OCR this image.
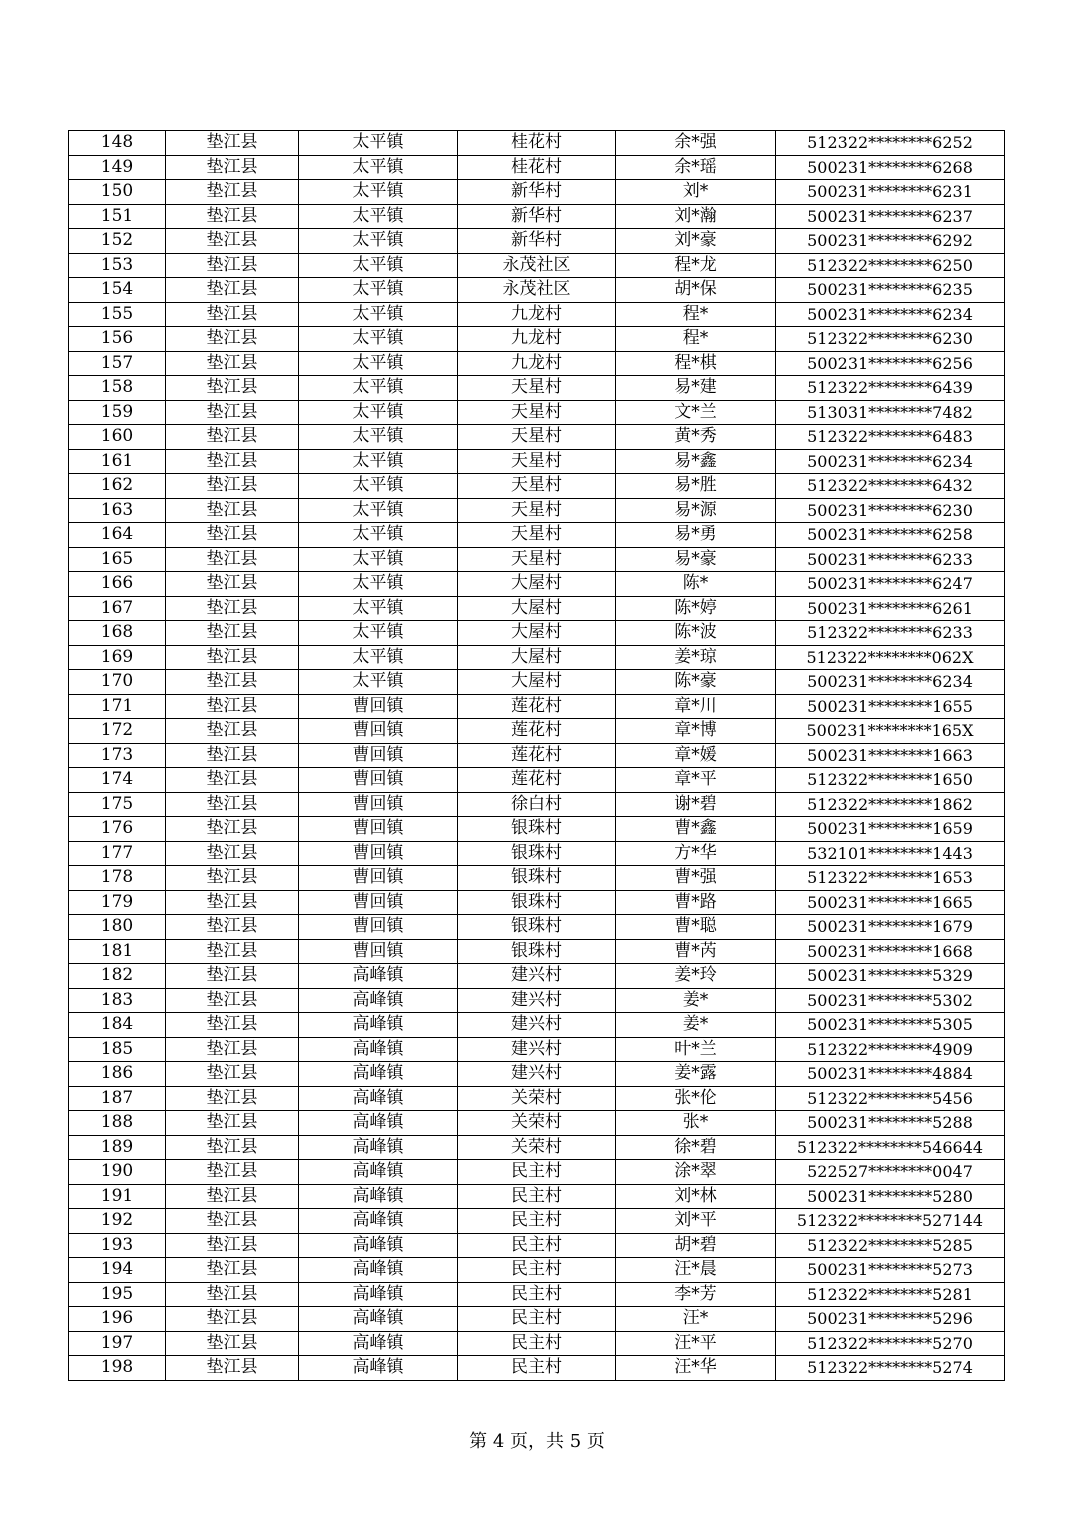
148	垫江县	太平镇	桂花村	余*强	512322********6252
149	垫江县	太平镇	桂花村	余*瑶	500231********6268
150	垫江县	太平镇	新华村	刘*	500231********6231
151	垫江县	太平镇	新华村	刘*瀚	500231********6237
152	垫江县	太平镇	新华村	刘*豪	500231********6292
153	垫江县	太平镇	永茂社区	程*龙	512322********6250
154	垫江县	太平镇	永茂社区	胡*保	500231********6235
155	垫江县	太平镇	九龙村	程*	500231********6234
156	垫江县	太平镇	九龙村	程*	512322********6230
157	垫江县	太平镇	九龙村	程*棋	500231********6256
158	垫江县	太平镇	天星村	易*建	512322********6439
159	垫江县	太平镇	天星村	文*兰	513031********7482
160	垫江县	太平镇	天星村	黄*秀	512322********6483
161	垫江县	太平镇	天星村	易*鑫	500231********6234
162	垫江县	太平镇	天星村	易*胜	512322********6432
163	垫江县	太平镇	天星村	易*源	500231********6230
164	垫江县	太平镇	天星村	易*勇	500231********6258
165	垫江县	太平镇	天星村	易*豪	500231********6233
166	垫江县	太平镇	大屋村	陈*	500231********6247
167	垫江县	太平镇	大屋村	陈*婷	500231********6261
168	垫江县	太平镇	大屋村	陈*波	512322********6233
169	垫江县	太平镇	大屋村	姜*琼	512322********062X
170	垫江县	太平镇	大屋村	陈*豪	500231********6234
171	垫江县	曹回镇	莲花村	章*川	500231********1655
172	垫江县	曹回镇	莲花村	章*博	500231********165X
173	垫江县	曹回镇	莲花村	章*媛	500231********1663
174	垫江县	曹回镇	莲花村	章*平	512322********1650
175	垫江县	曹回镇	徐白村	谢*碧	512322********1862
176	垫江县	曹回镇	银珠村	曹*鑫	500231********1659
177	垫江县	曹回镇	银珠村	方*华	532101********1443
178	垫江县	曹回镇	银珠村	曹*强	512322********1653
179	垫江县	曹回镇	银珠村	曹*路	500231********1665
180	垫江县	曹回镇	银珠村	曹*聪	500231********1679
181	垫江县	曹回镇	银珠村	曹*芮	500231********1668
182	垫江县	高峰镇	建兴村	姜*玲	500231********5329
183	垫江县	高峰镇	建兴村	姜*	500231********5302
184	垫江县	高峰镇	建兴村	姜*	500231********5305
185	垫江县	高峰镇	建兴村	叶*兰	512322********4909
186	垫江县	高峰镇	建兴村	姜*露	500231********4884
187	垫江县	高峰镇	关荣村	张*伦	512322********5456
188	垫江县	高峰镇	关荣村	张*	500231********5288
189	垫江县	高峰镇	关荣村	徐*碧	512322********546644
190	垫江县	高峰镇	民主村	涂*翠	522527********0047
191	垫江县	高峰镇	民主村	刘*林	500231********5280
192	垫江县	高峰镇	民主村	刘*平	512322********527144
193	垫江县	高峰镇	民主村	胡*碧	512322********5285
194	垫江县	高峰镇	民主村	汪*晨	500231********5273
195	垫江县	高峰镇	民主村	李*芳	512322********5281
196	垫江县	高峰镇	民主村	汪*	500231********5296
197	垫江县	高峰镇	民主村	汪*平	512322********5270
198	垫江县	高峰镇	民主村	汪*华	512322********5274
第 4 页，共 5 页
